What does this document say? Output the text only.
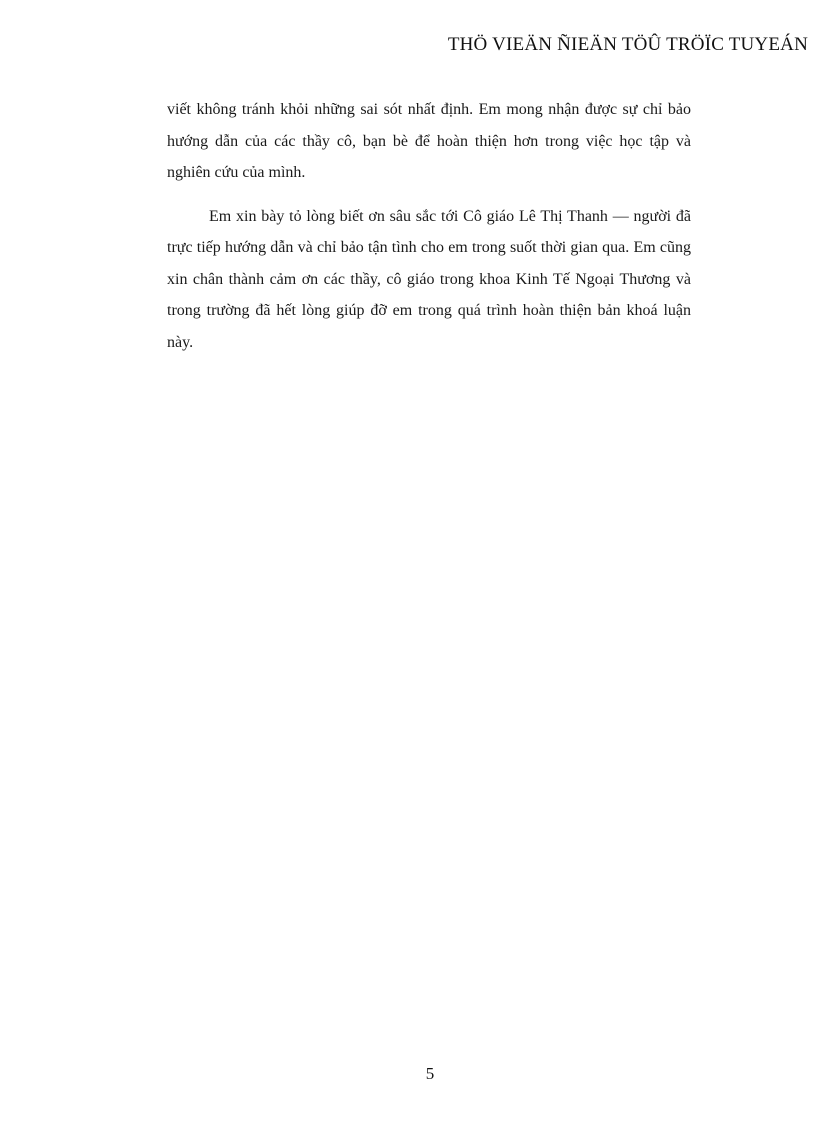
THÖ VIEÄN ÑIEÄN TÖÛ TRÖÏC TUYEÁN

viết không tránh khỏi những sai sót nhất định. Em mong nhận được sự chỉ bảo hướng dẫn của các thầy cô, bạn bè để hoàn thiện hơn trong việc học tập và nghiên cứu của mình.

Em xin bày tỏ lòng biết ơn sâu sắc tới Cô giáo Lê Thị Thanh — người đã trực tiếp hướng dẫn và chỉ bảo tận tình cho em trong suốt thời gian qua. Em cũng xin chân thành cảm ơn các thầy, cô giáo trong khoa Kinh Tế Ngoại Thương và trong trường đã hết lòng giúp đỡ em trong quá trình hoàn thiện bản khoá luận này.

5
